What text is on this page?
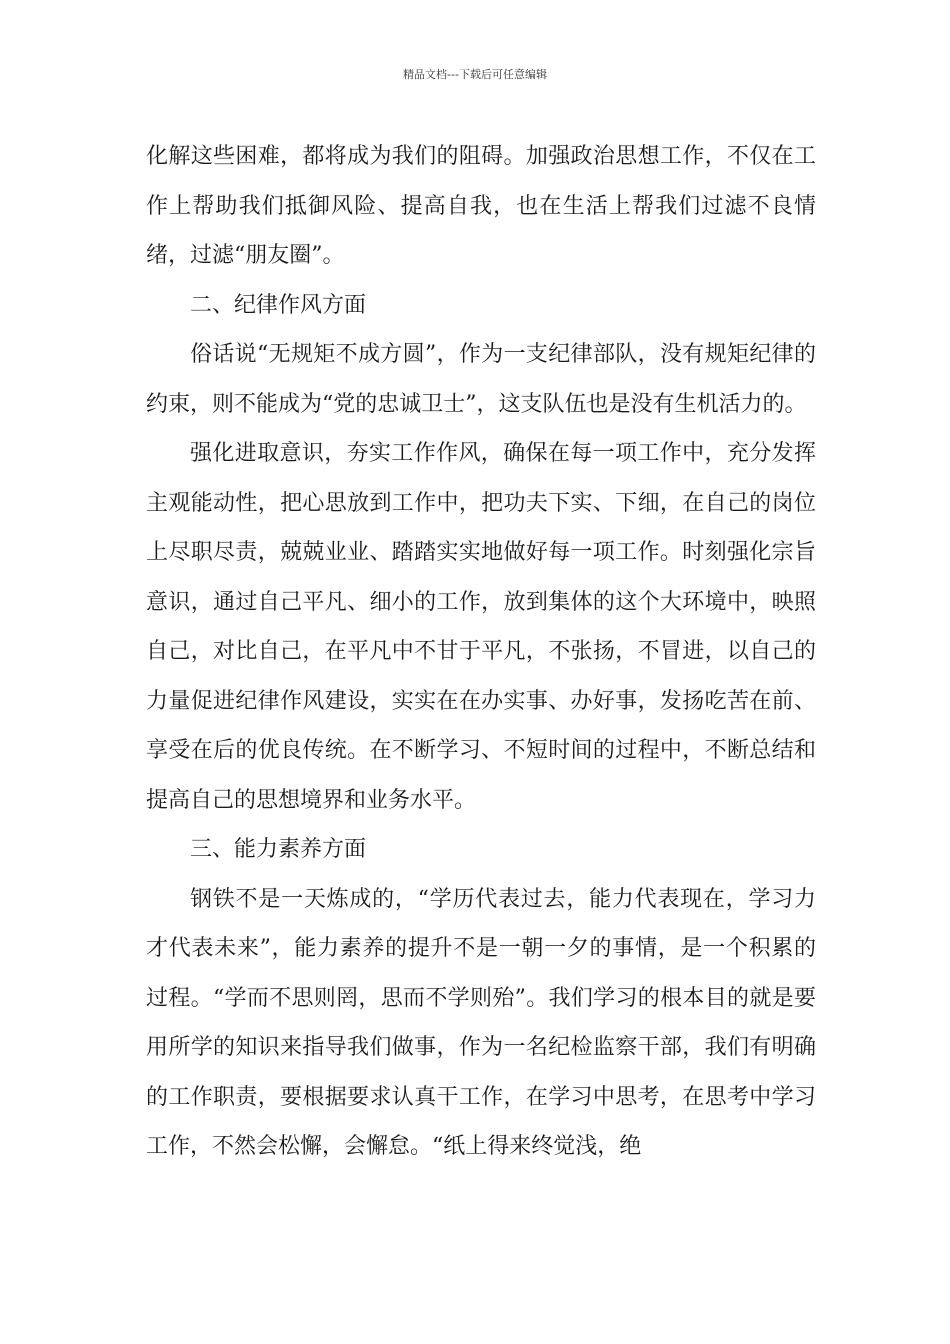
精品文档---下载后可任意编辑

化解这些困难，都将成为我们的阻碍。加强政治思想工作，不仅在工作上帮助我们抵御风险、提高自我，也在生活上帮我们过滤不良情绪，过滤“朋友圈”。

二、纪律作风方面

俗话说“无规矩不成方圆”，作为一支纪律部队，没有规矩纪律的约束，则不能成为“党的忠诚卫士”，这支队伍也是没有生机活力的。

强化进取意识，夯实工作作风，确保在每一项工作中，充分发挥主观能动性，把心思放到工作中，把功夫下实、下细，在自己的岗位上尽职尽责，兢兢业业、踏踏实实地做好每一项工作。时刻强化宗旨意识，通过自己平凡、细小的工作，放到集体的这个大环境中，映照自己，对比自己，在平凡中不甘于平凡，不张扬，不冒进，以自己的力量促进纪律作风建设，实实在在办实事、办好事，发扬吃苦在前、享受在后的优良传统。在不断学习、不短时间的过程中，不断总结和提高自己的思想境界和业务水平。

三、能力素养方面

钢铁不是一天炼成的，“学历代表过去，能力代表现在，学习力才代表未来”，能力素养的提升不是一朝一夕的事情，是一个积累的过程。“学而不思则罔，思而不学则殆”。我们学习的根本目的就是要用所学的知识来指导我们做事，作为一名纪检监察干部，我们有明确的工作职责，要根据要求认真干工作，在学习中思考，在思考中学习工作，不然会松懈，会懈怠。“纸上得来终觉浅，绝
